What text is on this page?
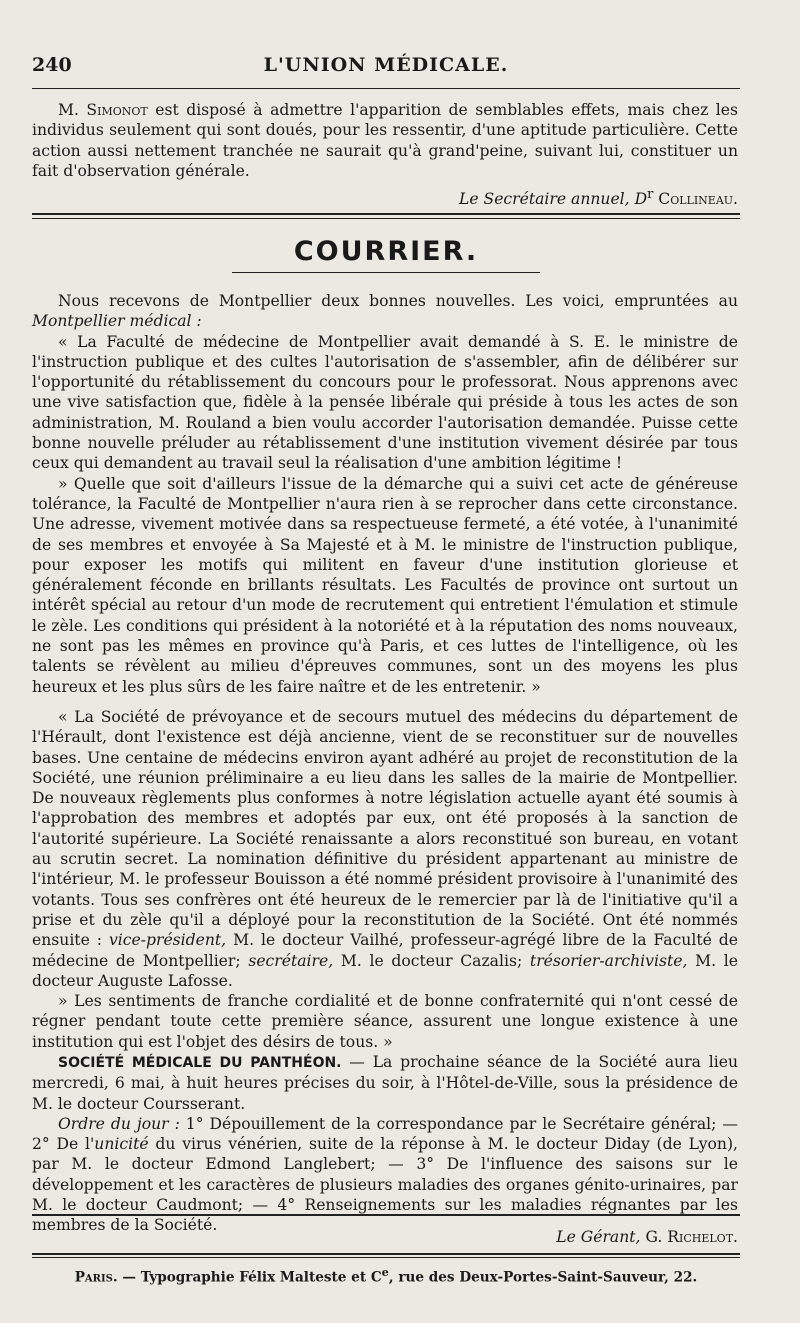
240	L'UNION MÉDICALE.

M. Simonot est disposé à admettre l'apparition de semblables effets, mais chez les individus seulement qui sont doués, pour les ressentir, d'une aptitude particulière. Cette action aussi nettement tranchée ne saurait qu'à grand'peine, suivant lui, constituer un fait d'observation générale.

Le Secrétaire annuel, $D^r$ Collineau.

COURRIER.

Nous recevons de Montpellier deux bonnes nouvelles. Les voici, empruntées au Montpellier médical :

« La Faculté de médecine de Montpellier avait demandé à S. E. le ministre de l'instruction publique et des cultes l'autorisation de s'assembler, afin de délibérer sur l'opportunité du rétablissement du concours pour le professorat. Nous apprenons avec une vive satisfaction que, fidèle à la pensée libérale qui préside à tous les actes de son administration, M. Rouland a bien voulu accorder l'autorisation demandée. Puisse cette bonne nouvelle préluder au rétablissement d'une institution vivement désirée par tous ceux qui demandent au travail seul la réalisation d'une ambition légitime !

» Quelle que soit d'ailleurs l'issue de la démarche qui a suivi cet acte de généreuse tolérance, la Faculté de Montpellier n'aura rien à se reprocher dans cette circonstance. Une adresse, vivement motivée dans sa respectueuse fermeté, a été votée, à l'unanimité de ses membres et envoyée à Sa Majesté et à M. le ministre de l'instruction publique, pour exposer les motifs qui militent en faveur d'une institution glorieuse et généralement féconde en brillants résultats. Les Facultés de province ont surtout un intérêt spécial au retour d'un mode de recrutement qui entretient l'émulation et stimule le zèle. Les conditions qui président à la notoriété et à la réputation des noms nouveaux, ne sont pas les mêmes en province qu'à Paris, et ces luttes de l'intelligence, où les talents se révèlent au milieu d'épreuves communes, sont un des moyens les plus heureux et les plus sûrs de les faire naître et de les entretenir. »

« La Société de prévoyance et de secours mutuel des médecins du département de l'Hérault, dont l'existence est déjà ancienne, vient de se reconstituer sur de nouvelles bases. Une centaine de médecins environ ayant adhéré au projet de reconstitution de la Société, une réunion préliminaire a eu lieu dans les salles de la mairie de Montpellier. De nouveaux règlements plus conformes à notre législation actuelle ayant été soumis à l'approbation des membres et adoptés par eux, ont été proposés à la sanction de l'autorité supérieure. La Société renaissante a alors reconstitué son bureau, en votant au scrutin secret. La nomination définitive du président appartenant au ministre de l'intérieur, M. le professeur Bouisson a été nommé président provisoire à l'unanimité des votants. Tous ses confrères ont été heureux de le remercier par là de l'initiative qu'il a prise et du zèle qu'il a déployé pour la reconstitution de la Société. Ont été nommés ensuite : vice-président, M. le docteur Vailhé, professeur-agrégé libre de la Faculté de médecine de Montpellier; secrétaire, M. le docteur Cazalis; trésorier-archiviste, M. le docteur Auguste Lafosse.

» Les sentiments de franche cordialité et de bonne confraternité qui n'ont cessé de régner pendant toute cette première séance, assurent une longue existence à une institution qui est l'objet des désirs de tous. »

SOCIÉTÉ MÉDICALE DU PANTHÉON. — La prochaine séance de la Société aura lieu mercredi, 6 mai, à huit heures précises du soir, à l'Hôtel-de-Ville, sous la présidence de M. le docteur Coursserant.

Ordre du jour : 1° Dépouillement de la correspondance par le Secrétaire général; — 2° De l'unicité du virus vénérien, suite de la réponse à M. le docteur Diday (de Lyon), par M. le docteur Edmond Langlebert; — 3° De l'influence des saisons sur le développement et les caractères de plusieurs maladies des organes génito-urinaires, par M. le docteur Caudmont; — 4° Renseignements sur les maladies régnantes par les membres de la Société.

Le Gérant, G. Richelot.
Paris. — Typographie Félix Malteste et Ce, rue des Deux-Portes-Saint-Sauveur, 22.
